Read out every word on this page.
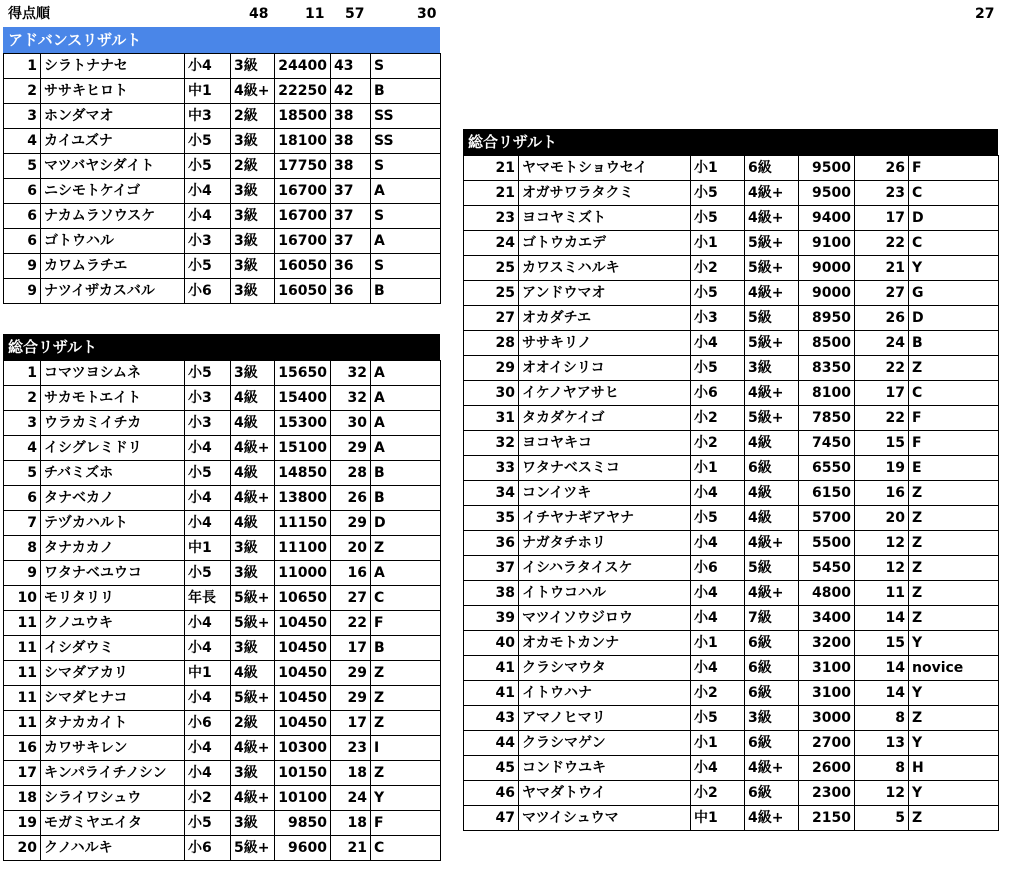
得点順	48	11 57	30	27
アドバンスリザルト
1	シラトナナセ	小4	3級	24400	43	S
2	ササキヒロト	中1	4級+	22250	42	B
3	ホンダマオ	中3	2級	18500	38	SS
4	カイユズナ	小5	3級	18100	38	SS
5	マツバヤシダイト	小5	2級	17750	38	S
6	ニシモトケイゴ	小4	3級	16700	37	A
6	ナカムラソウスケ	小4	3級	16700	37	S
6	ゴトウハル	小3	3級	16700	37	A
9	カワムラチエ	小5	3級	16050	36	S
9	ナツイザカスバル	小6	3級	16050	36	B
総合リザルト
1	コマツヨシムネ	小5	3級	15650	32	A
2	サカモトエイト	小3	4級	15400	32	A
3	ウラカミイチカ	小3	4級	15300	30	A
4	イシグレミドリ	小4	4級+	15100	29	A
5	チバミズホ	小5	4級	14850	28	B
6	タナベカノ	小4	4級+	13800	26	B
7	テヅカハルト	小4	4級	11150	29	D
8	タナカカノ	中1	3級	11100	20	Z
9	ワタナベユウコ	小5	3級	11000	16	A
10	モリタリリ	年長	5級+	10650	27	C
11	クノユウキ	小4	5級+	10450	22	F
11	イシダウミ	小4	3級	10450	17	B
11	シマダアカリ	中1	4級	10450	29	Z
11	シマダヒナコ	小4	5級+	10450	29	Z
11	タナカカイト	小6	2級	10450	17	Z
16	カワサキレン	小4	4級+	10300	23	I
17	キンパライチノシン	小4	3級	10150	18	Z
18	シライワシュウ	小2	4級+	10100	24	Y
19	モガミヤエイタ	小5	3級	9850	18	F
20	クノハルキ	小6	5級+	9600	21	C
総合リザルト
21	ヤマモトショウセイ	小1	6級	9500	26	F
21	オガサワラタクミ	小5	4級+	9500	23	C
23	ヨコヤミズト	小5	4級+	9400	17	D
24	ゴトウカエデ	小1	5級+	9100	22	C
25	カワスミハルキ	小2	5級+	9000	21	Y
25	アンドウマオ	小5	4級+	9000	27	G
27	オカダチエ	小3	5級	8950	26	D
28	ササキリノ	小4	5級+	8500	24	B
29	オオイシリコ	小5	3級	8350	22	Z
30	イケノヤアサヒ	小6	4級+	8100	17	C
31	タカダケイゴ	小2	5級+	7850	22	F
32	ヨコヤキコ	小2	4級	7450	15	F
33	ワタナベスミコ	小1	6級	6550	19	E
34	コンイツキ	小4	4級	6150	16	Z
35	イチヤナギアヤナ	小5	4級	5700	20	Z
36	ナガタチホリ	小4	4級+	5500	12	Z
37	イシハラタイスケ	小6	5級	5450	12	Z
38	イトウコハル	小4	4級+	4800	11	Z
39	マツイソウジロウ	小4	7級	3400	14	Z
40	オカモトカンナ	小1	6級	3200	15	Y
41	クラシマウタ	小4	6級	3100	14	novice
41	イトウハナ	小2	6級	3100	14	Y
43	アマノヒマリ	小5	3級	3000	8	Z
44	クラシマゲン	小1	6級	2700	13	Y
45	コンドウユキ	小4	4級+	2600	8	H
46	ヤマダトウイ	小2	6級	2300	12	Y
47	マツイシュウマ	中1	4級+	2150	5	Z
